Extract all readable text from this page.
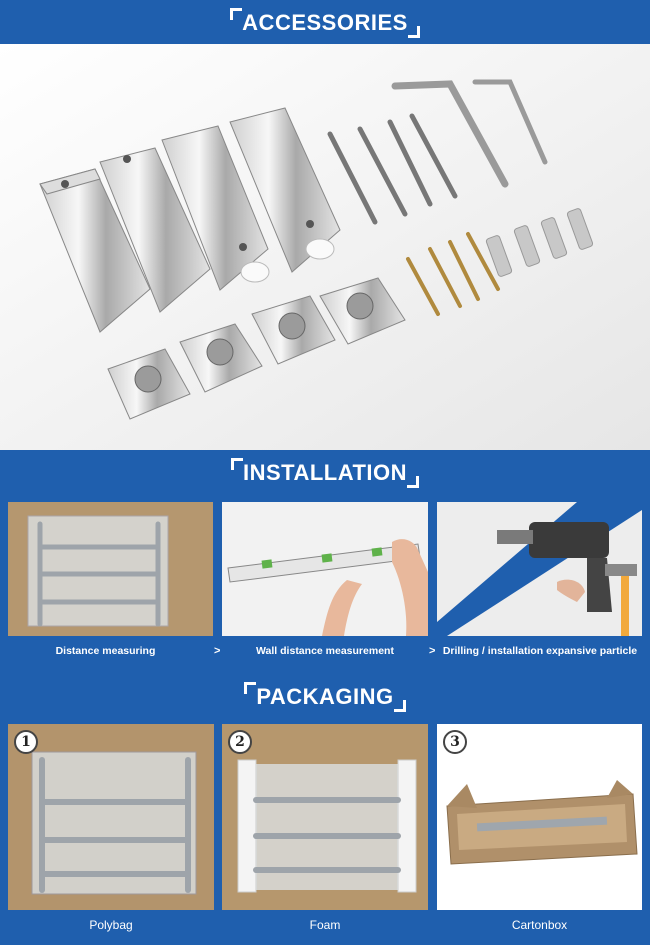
ACCESSORIES
INSTALLATION
Distance measuring	>	Wall distance measurement	> Drilling / installation expansive particle
PACKAGING
1	2	3
Polybag	Foam	Cartonbox
